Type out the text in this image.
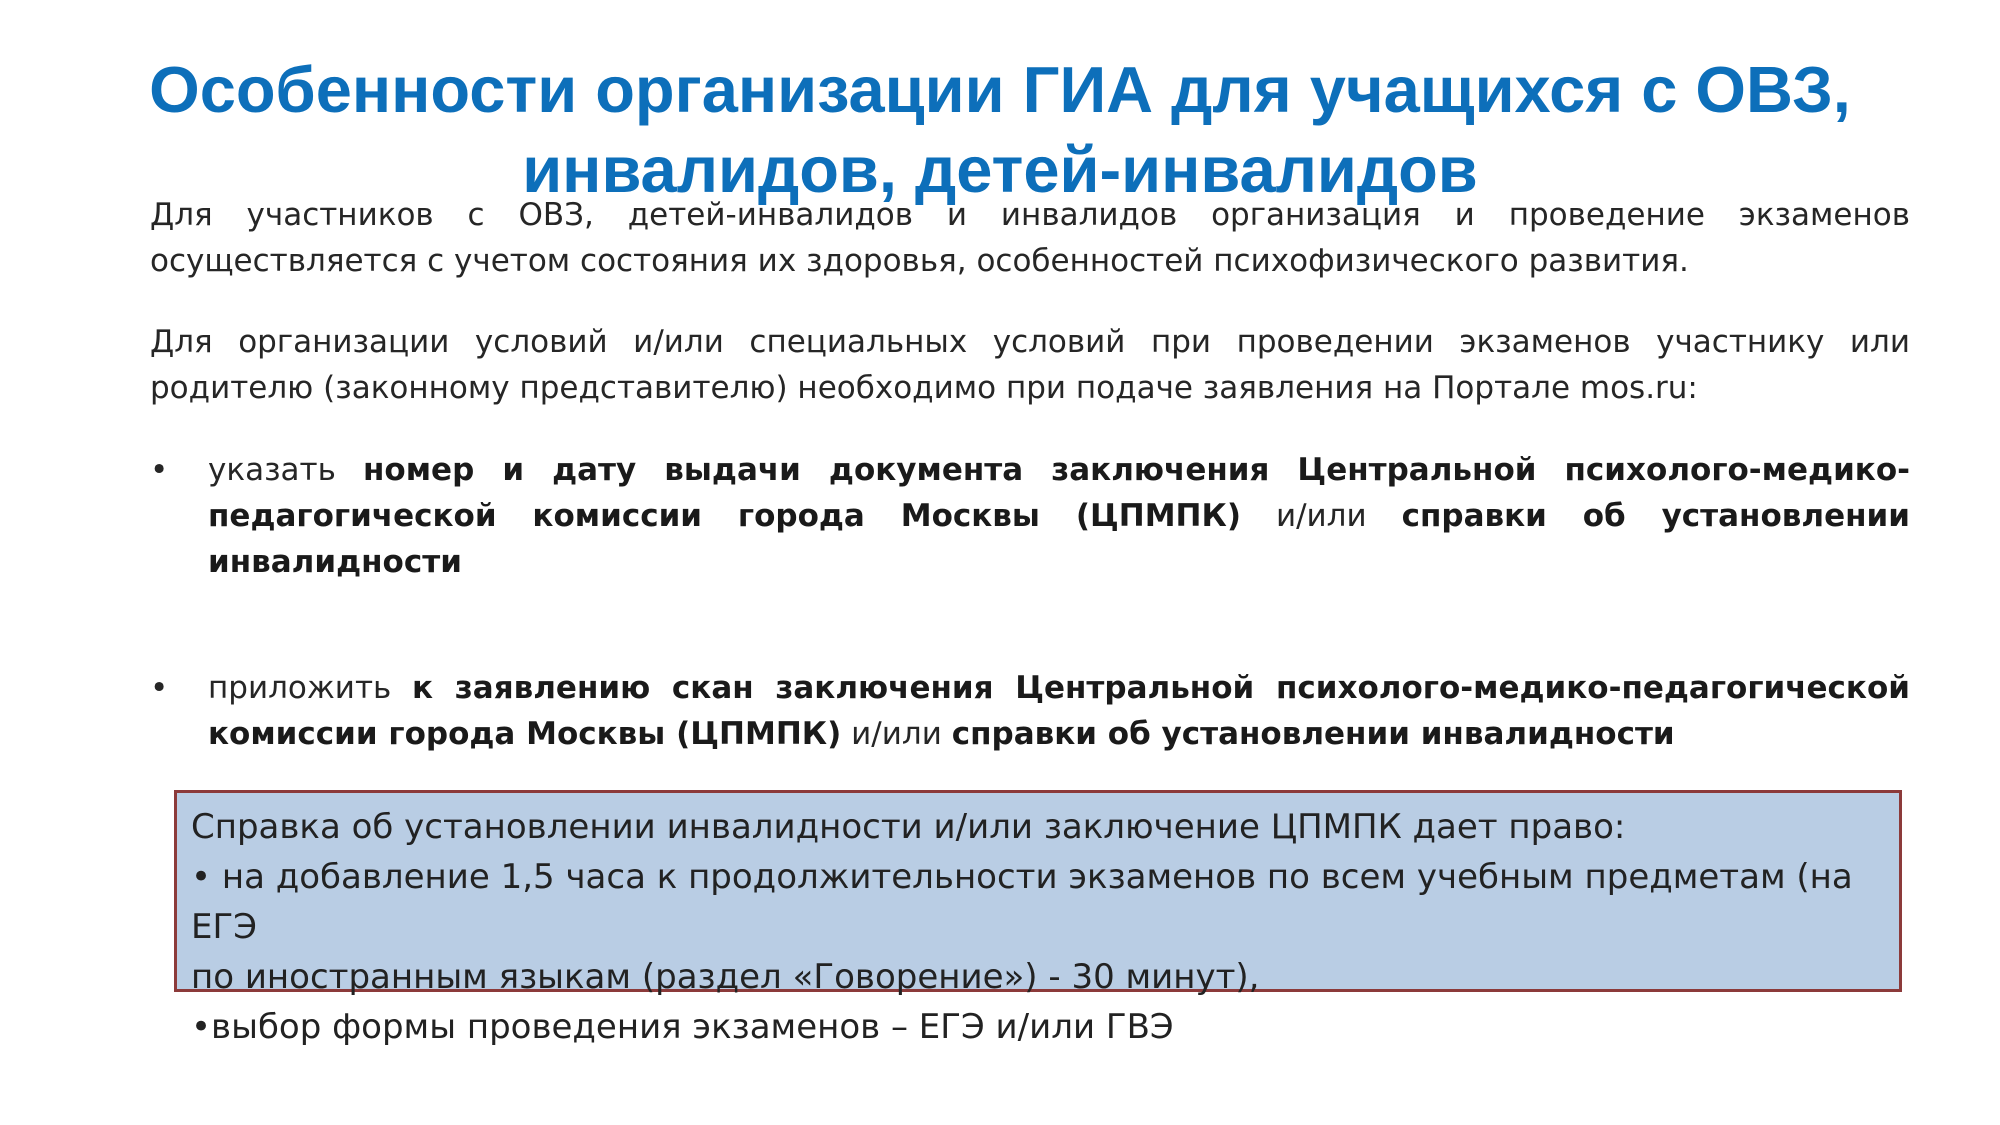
Особенности организации ГИА для учащихся с ОВЗ,
инвалидов, детей-инвалидов

Для участников с ОВЗ, детей-инвалидов и инвалидов организация и проведение экзаменов осуществляется с учетом состояния их здоровья, особенностей психофизического развития.

Для организации условий и/или специальных условий при проведении экзаменов участнику или родителю (законному представителю) необходимо при подаче заявления на Портале mos.ru:

• указать номер и дату выдачи документа заключения Центральной психолого-медико-педагогической комиссии города Москвы (ЦПМПК) и/или справки об установлении инвалидности
• приложить к заявлению скан заключения Центральной психолого-медико-педагогической комиссии города Москвы (ЦПМПК) и/или справки об установлении инвалидности
Справка об установлении инвалидности и/или заключение ЦПМПК дает право:
• на добавление 1,5 часа к продолжительности экзаменов по всем учебным предметам (на ЕГЭ
по иностранным языкам (раздел «Говорение») - 30 минут),
•выбор формы проведения экзаменов – ЕГЭ и/или ГВЭ
